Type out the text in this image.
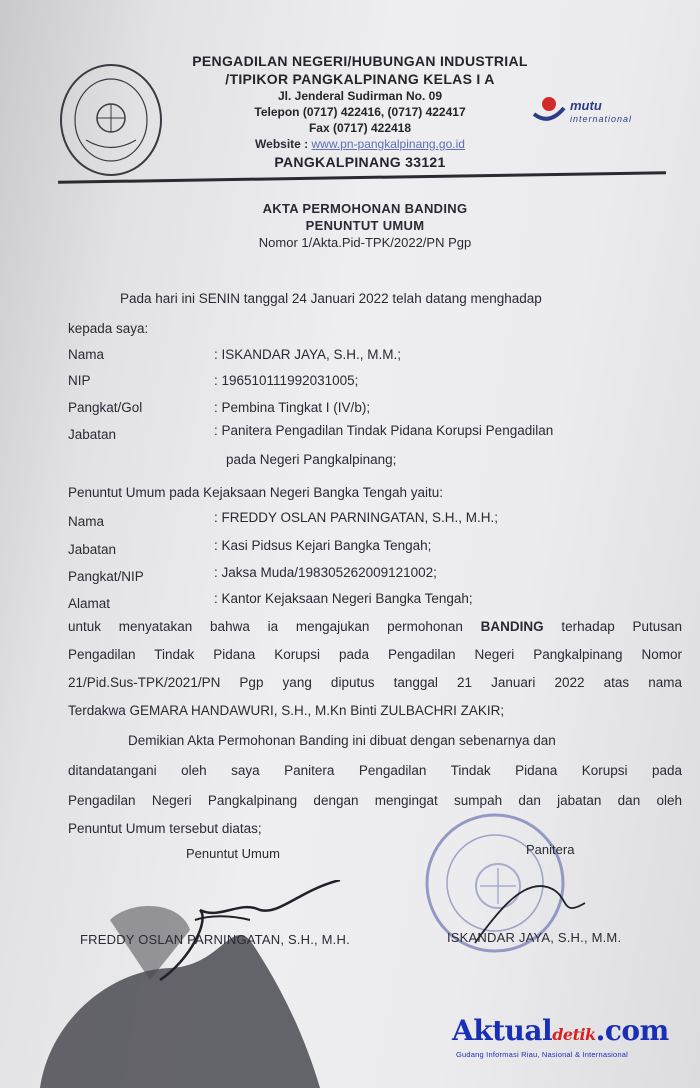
PENGADILAN NEGERI/HUBUNGAN INDUSTRIAL
/TIPIKOR PANGKALPINANG KELAS I A
Jl. Jenderal Sudirman No. 09
Telepon (0717) 422416, (0717) 422417
Fax (0717) 422418
Website : www.pn-pangkalpinang.go.id
PANGKALPINANG 33121
mutu
international
AKTA PERMOHONAN BANDING
PENUNTUT UMUM
Nomor 1/Akta.Pid-TPK/2022/PN Pgp
Pada hari ini SENIN tanggal 24 Januari 2022 telah datang menghadap
kepada saya:
Nama	: ISKANDAR JAYA, S.H., M.M.;
NIP	: 196510111992031005;
Pangkat/Gol	: Pembina Tingkat I (IV/b);
Jabatan	: Panitera Pengadilan Tindak Pidana Korupsi Pengadilan
pada Negeri Pangkalpinang;
Penuntut Umum pada Kejaksaan Negeri Bangka Tengah yaitu:
Nama	: FREDDY OSLAN PARNINGATAN, S.H., M.H.;
Jabatan	: Kasi Pidsus Kejari Bangka Tengah;
Pangkat/NIP	: Jaksa Muda/198305262009121002;
Alamat	: Kantor Kejaksaan Negeri Bangka Tengah;
untuk menyatakan bahwa ia mengajukan permohonan BANDING terhadap Putusan
Pengadilan Tindak Pidana Korupsi pada Pengadilan Negeri Pangkalpinang Nomor
21/Pid.Sus-TPK/2021/PN Pgp yang diputus tanggal 21 Januari 2022 atas nama
Terdakwa GEMARA HANDAWURI, S.H., M.Kn Binti ZULBACHRI ZAKIR;
Demikian Akta Permohonan Banding ini dibuat dengan sebenarnya dan
ditandatangani oleh saya Panitera Pengadilan Tindak Pidana Korupsi pada
Pengadilan Negeri Pangkalpinang dengan mengingat sumpah dan jabatan dan oleh
Penuntut Umum tersebut diatas;
Penuntut Umum	Panitera
FREDDY OSLAN PARNINGATAN, S.H., M.H.	ISKANDAR JAYA, S.H., M.M.
Aktualdetik.com
Gudang Informasi Riau, Nasional & Internasional
